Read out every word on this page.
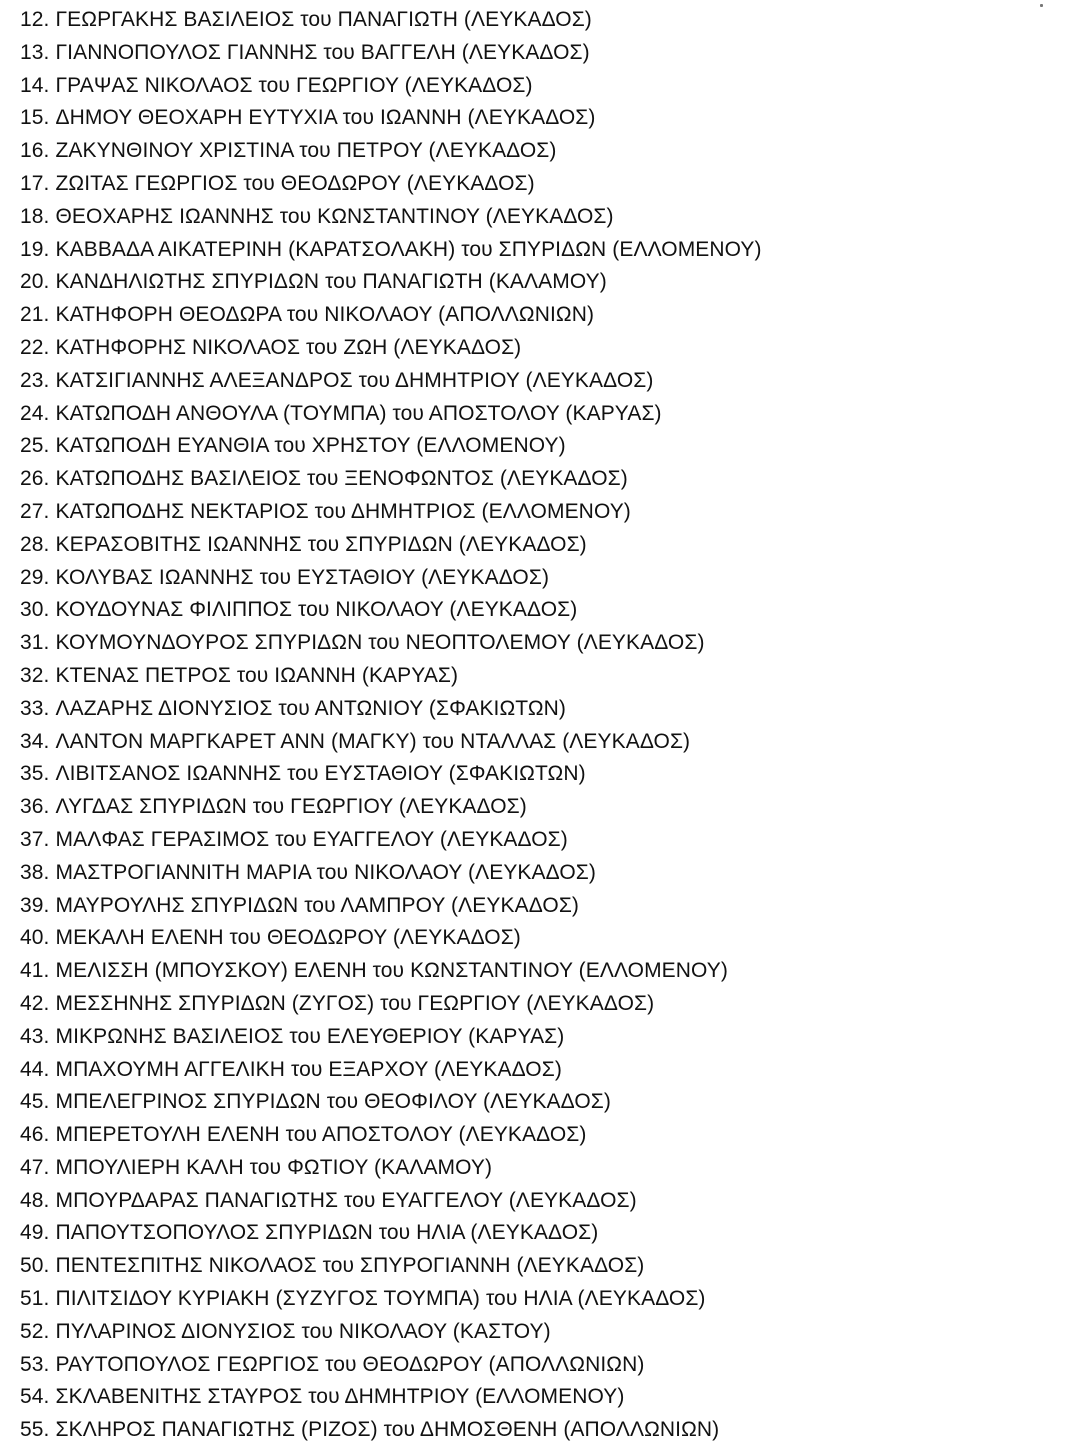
12. ΓΕΩΡΓΑΚΗΣ ΒΑΣΙΛΕΙΟΣ του ΠΑΝΑΓΙΩΤΗ (ΛΕΥΚΑΔΟΣ)
13. ΓΙΑΝΝΟΠΟΥΛΟΣ ΓΙΑΝΝΗΣ του ΒΑΓΓΕΛΗ (ΛΕΥΚΑΔΟΣ)
14. ΓΡΑΨΑΣ ΝΙΚΟΛΑΟΣ του ΓΕΩΡΓΙΟΥ (ΛΕΥΚΑΔΟΣ)
15. ΔΗΜΟΥ ΘΕΟΧΑΡΗ ΕΥΤΥΧΙΑ του ΙΩΑΝΝΗ (ΛΕΥΚΑΔΟΣ)
16. ΖΑΚΥΝΘΙΝΟΥ ΧΡΙΣΤΙΝΑ του ΠΕΤΡΟΥ (ΛΕΥΚΑΔΟΣ)
17. ΖΩΙΤΑΣ ΓΕΩΡΓΙΟΣ του ΘΕΟΔΩΡΟΥ (ΛΕΥΚΑΔΟΣ)
18. ΘΕΟΧΑΡΗΣ ΙΩΑΝΝΗΣ του ΚΩΝΣΤΑΝΤΙΝΟΥ (ΛΕΥΚΑΔΟΣ)
19. ΚΑΒΒΑΔΑ ΑΙΚΑΤΕΡΙΝΗ (ΚΑΡΑΤΣΟΛΑΚΗ) του ΣΠΥΡΙΔΩΝ (ΕΛΛΟΜΕΝΟΥ)
20. ΚΑΝΔΗΛΙΩΤΗΣ ΣΠΥΡΙΔΩΝ του ΠΑΝΑΓΙΩΤΗ (ΚΑΛΑΜΟΥ)
21. ΚΑΤΗΦΟΡΗ ΘΕΟΔΩΡΑ του ΝΙΚΟΛΑΟΥ (ΑΠΟΛΛΩΝΙΩΝ)
22. ΚΑΤΗΦΟΡΗΣ ΝΙΚΟΛΑΟΣ του ΖΩΗ (ΛΕΥΚΑΔΟΣ)
23. ΚΑΤΣΙΓΙΑΝΝΗΣ ΑΛΕΞΑΝΔΡΟΣ του ΔΗΜΗΤΡΙΟΥ (ΛΕΥΚΑΔΟΣ)
24. ΚΑΤΩΠΟΔΗ ΑΝΘΟΥΛΑ (ΤΟΥΜΠΑ) του ΑΠΟΣΤΟΛΟΥ (ΚΑΡΥΑΣ)
25. ΚΑΤΩΠΟΔΗ ΕΥΑΝΘΙΑ του ΧΡΗΣΤΟΥ (ΕΛΛΟΜΕΝΟΥ)
26. ΚΑΤΩΠΟΔΗΣ ΒΑΣΙΛΕΙΟΣ του ΞΕΝΟΦΩΝΤΟΣ (ΛΕΥΚΑΔΟΣ)
27. ΚΑΤΩΠΟΔΗΣ ΝΕΚΤΑΡΙΟΣ του ΔΗΜΗΤΡΙΟΣ (ΕΛΛΟΜΕΝΟΥ)
28. ΚΕΡΑΣΟΒΙΤΗΣ ΙΩΑΝΝΗΣ του ΣΠΥΡΙΔΩΝ (ΛΕΥΚΑΔΟΣ)
29. ΚΟΛΥΒΑΣ ΙΩΑΝΝΗΣ του ΕΥΣΤΑΘΙΟΥ (ΛΕΥΚΑΔΟΣ)
30. ΚΟΥΔΟΥΝΑΣ ΦΙΛΙΠΠΟΣ του ΝΙΚΟΛΑΟΥ (ΛΕΥΚΑΔΟΣ)
31. ΚΟΥΜΟΥΝΔΟΥΡΟΣ ΣΠΥΡΙΔΩΝ του ΝΕΟΠΤΟΛΕΜΟΥ (ΛΕΥΚΑΔΟΣ)
32. ΚΤΕΝΑΣ ΠΕΤΡΟΣ του ΙΩΑΝΝΗ (ΚΑΡΥΑΣ)
33. ΛΑΖΑΡΗΣ ΔΙΟΝΥΣΙΟΣ του ΑΝΤΩΝΙΟΥ (ΣΦΑΚΙΩΤΩΝ)
34. ΛΑΝΤΟΝ ΜΑΡΓΚΑΡΕΤ ΑΝΝ (ΜΑΓΚΥ) του ΝΤΑΛΛΑΣ (ΛΕΥΚΑΔΟΣ)
35. ΛΙΒΙΤΣΑΝΟΣ ΙΩΑΝΝΗΣ του ΕΥΣΤΑΘΙΟΥ (ΣΦΑΚΙΩΤΩΝ)
36. ΛΥΓΔΑΣ ΣΠΥΡΙΔΩΝ του ΓΕΩΡΓΙΟΥ (ΛΕΥΚΑΔΟΣ)
37. ΜΑΛΦΑΣ ΓΕΡΑΣΙΜΟΣ του ΕΥΑΓΓΕΛΟΥ (ΛΕΥΚΑΔΟΣ)
38. ΜΑΣΤΡΟΓΙΑΝΝΙΤΗ ΜΑΡΙΑ του ΝΙΚΟΛΑΟΥ (ΛΕΥΚΑΔΟΣ)
39. ΜΑΥΡΟΥΛΗΣ ΣΠΥΡΙΔΩΝ του ΛΑΜΠΡΟΥ (ΛΕΥΚΑΔΟΣ)
40. ΜΕΚΑΛΗ ΕΛΕΝΗ του ΘΕΟΔΩΡΟΥ (ΛΕΥΚΑΔΟΣ)
41. ΜΕΛΙΣΣΗ (ΜΠΟΥΣΚΟΥ) ΕΛΕΝΗ του ΚΩΝΣΤΑΝΤΙΝΟΥ (ΕΛΛΟΜΕΝΟΥ)
42. ΜΕΣΣΗΝΗΣ ΣΠΥΡΙΔΩΝ (ΖΥΓΟΣ) του ΓΕΩΡΓΙΟΥ (ΛΕΥΚΑΔΟΣ)
43. ΜΙΚΡΩΝΗΣ ΒΑΣΙΛΕΙΟΣ του ΕΛΕΥΘΕΡΙΟΥ (ΚΑΡΥΑΣ)
44. ΜΠΑΧΟΥΜΗ ΑΓΓΕΛΙΚΗ του ΕΞΑΡΧΟΥ (ΛΕΥΚΑΔΟΣ)
45. ΜΠΕΛΕΓΡΙΝΟΣ ΣΠΥΡΙΔΩΝ του ΘΕΟΦΙΛΟΥ (ΛΕΥΚΑΔΟΣ)
46. ΜΠΕΡΕΤΟΥΛΗ ΕΛΕΝΗ του ΑΠΟΣΤΟΛΟΥ (ΛΕΥΚΑΔΟΣ)
47. ΜΠΟΥΛΙΕΡΗ ΚΑΛΗ του ΦΩΤΙΟΥ (ΚΑΛΑΜΟΥ)
48. ΜΠΟΥΡΔΑΡΑΣ ΠΑΝΑΓΙΩΤΗΣ του ΕΥΑΓΓΕΛΟΥ (ΛΕΥΚΑΔΟΣ)
49. ΠΑΠΟΥΤΣΟΠΟΥΛΟΣ ΣΠΥΡΙΔΩΝ του ΗΛΙΑ (ΛΕΥΚΑΔΟΣ)
50. ΠΕΝΤΕΣΠΙΤΗΣ ΝΙΚΟΛΑΟΣ του ΣΠΥΡΟΓΙΑΝΝΗ (ΛΕΥΚΑΔΟΣ)
51. ΠΙΛΙΤΣΙΔΟΥ ΚΥΡΙΑΚΗ (ΣΥΖΥΓΟΣ ΤΟΥΜΠΑ) του ΗΛΙΑ (ΛΕΥΚΑΔΟΣ)
52. ΠΥΛΑΡΙΝΟΣ ΔΙΟΝΥΣΙΟΣ του ΝΙΚΟΛΑΟΥ (ΚΑΣΤΟΥ)
53. ΡΑΥΤΟΠΟΥΛΟΣ ΓΕΩΡΓΙΟΣ του ΘΕΟΔΩΡΟΥ (ΑΠΟΛΛΩΝΙΩΝ)
54. ΣΚΛΑΒΕΝΙΤΗΣ ΣΤΑΥΡΟΣ του ΔΗΜΗΤΡΙΟΥ (ΕΛΛΟΜΕΝΟΥ)
55. ΣΚΛΗΡΟΣ ΠΑΝΑΓΙΩΤΗΣ (ΡΙΖΟΣ) του ΔΗΜΟΣΘΕΝΗ (ΑΠΟΛΛΩΝΙΩΝ)
